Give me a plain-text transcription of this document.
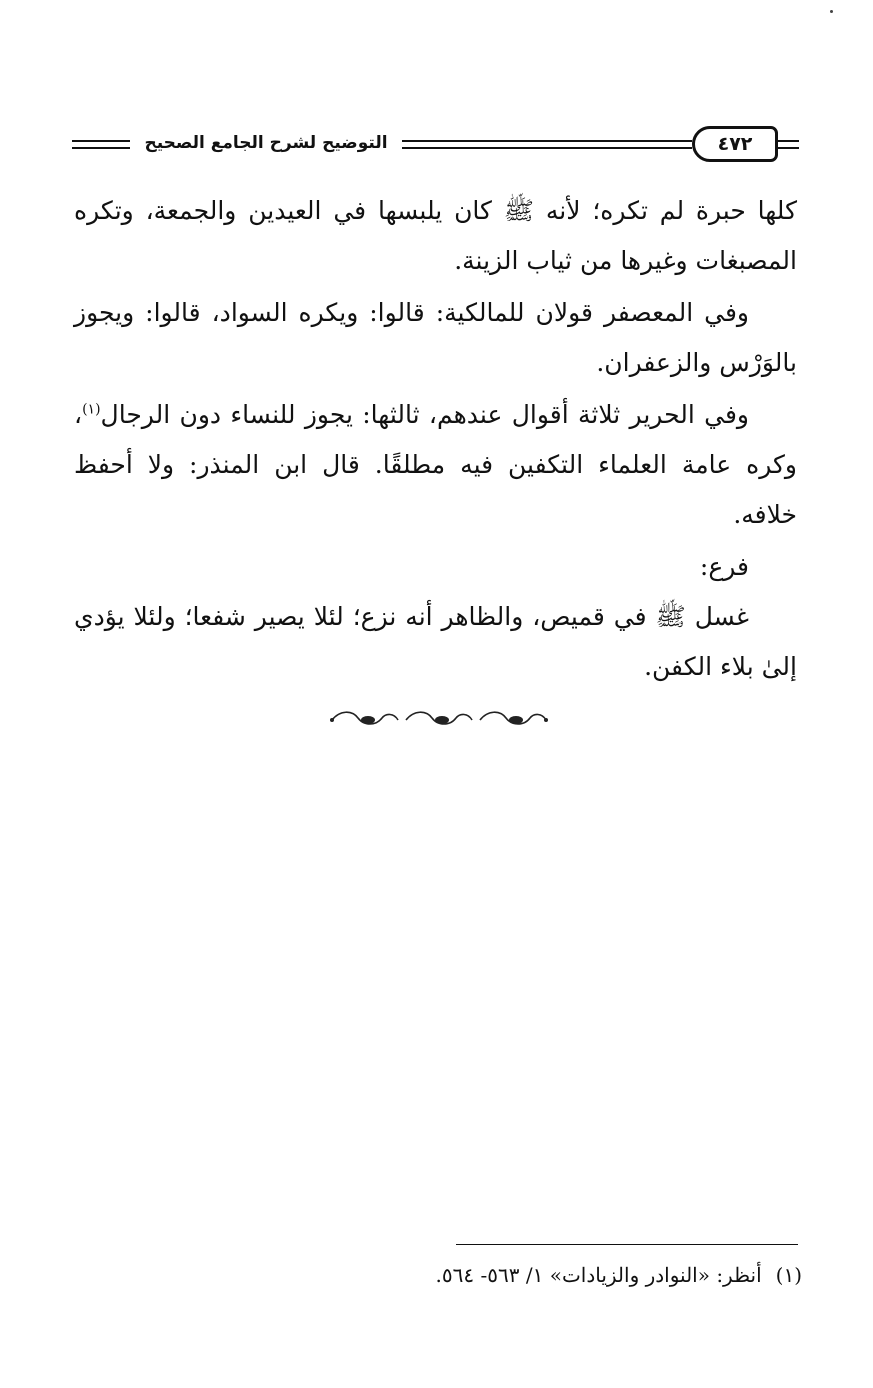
التوضيح لشرح الجامع الصحيح	٤٧٢

كلها حبرة لم تكره؛ لأنه ﷺ كان يلبسها في العيدين والجمعة، وتكره المصبغات وغيرها من ثياب الزينة.

وفي المعصفر قولان للمالكية: قالوا: ويكره السواد، قالوا: ويجوز بالوَرْس والزعفران.

وفي الحرير ثلاثة أقوال عندهم، ثالثها: يجوز للنساء دون الرجال$^{(١)}$، وكره عامة العلماء التكفين فيه مطلقًا. قال ابن المنذر: ولا أحفظ خلافه.

فرع:

غسل ﷺ في قميص، والظاهر أنه نزع؛ لئلا يصير شفعا؛ ولئلا يؤدي إلىٰ بلاء الكفن.

(١)أنظر: «النوادر والزيادات» ١/ ٥٦٣- ٥٦٤.
